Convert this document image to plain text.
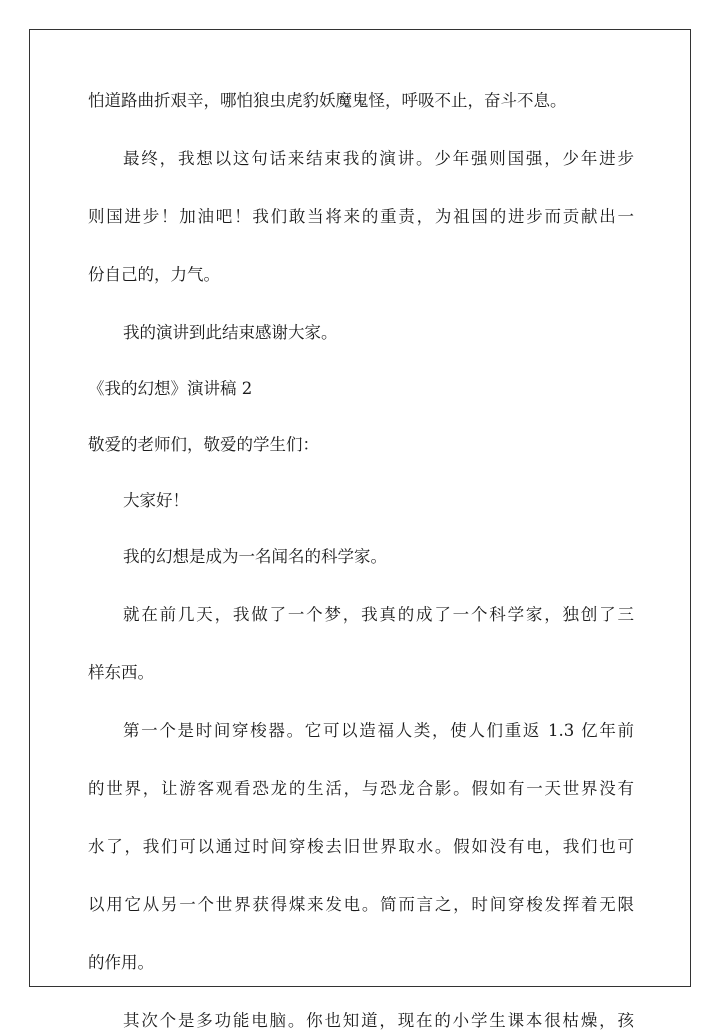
怕道路曲折艰辛，哪怕狼虫虎豹妖魔鬼怪，呼吸不止，奋斗不息。

最终，我想以这句话来结束我的演讲。少年强则国强，少年进步

则国进步！加油吧！我们敢当将来的重责，为祖国的进步而贡献出一

份自己的，力气。

我的演讲到此结束感谢大家。

《我的幻想》演讲稿 2

敬爱的老师们，敬爱的学生们：

大家好！

我的幻想是成为一名闻名的科学家。

就在前几天，我做了一个梦，我真的成了一个科学家，独创了三

样东西。

第一个是时间穿梭器。它可以造福人类，使人们重返 1.3 亿年前

的世界，让游客观看恐龙的生活，与恐龙合影。假如有一天世界没有

水了，我们可以通过时间穿梭去旧世界取水。假如没有电，我们也可

以用它从另一个世界获得煤来发电。简而言之，时间穿梭发挥着无限

的作用。

其次个是多功能电脑。你也知道，现在的小学生课本很枯燥，孩
